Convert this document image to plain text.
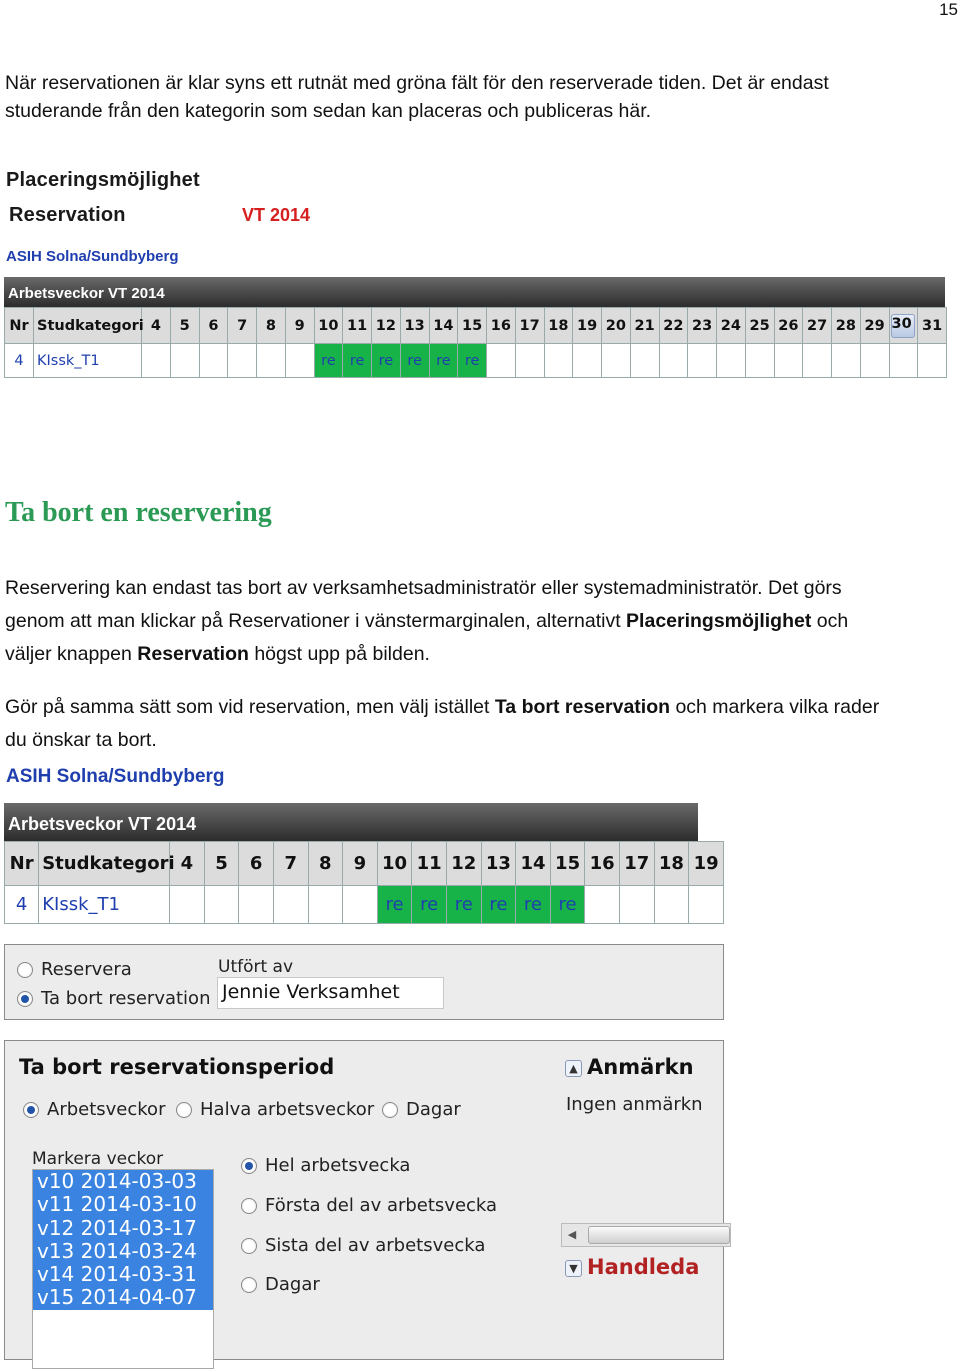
15
När reservationen är klar syns ett rutnät med gröna fält för den reserverade tiden. Det är endast
studerande från den kategorin som sedan kan placeras och publiceras här.
Placeringsmöjlighet
Reservation	VT 2014
ASIH Solna/Sundbyberg
Arbetsveckor VT 2014
Nr	Studkategori	4	5	6	7	8	9	10	11	12	13	14	15	16	17	18	19	20	21	22	23	24	25	26	27	28	29	30	31
4	KIssk_T1							re	re	re	re	re	re																
Ta bort en reservering
Reservering kan endast tas bort av verksamhetsadministratör eller systemadministratör. Det görs
genom att man klickar på Reservationer i vänstermarginalen, alternativt Placeringsmöjlighet och
väljer knappen Reservation högst upp på bilden.
Gör på samma sätt som vid reservation, men välj istället Ta bort reservation och markera vilka rader
du önskar ta bort.
ASIH Solna/Sundbyberg
Arbetsveckor VT 2014
Nr	Studkategori	4	5	6	7	8	9	10	11	12	13	14	15	16	17	18	19
4	KIssk_T1							re	re	re	re	re	re				
Reservera
Ta bort reservation
Utfört av
Jennie Verksamhet
Ta bort reservationsperiod
Arbetsveckor Halva arbetsveckor Dagar
Markera veckor
v10 2014-03-03
v11 2014-03-10
v12 2014-03-17
v13 2014-03-24
v14 2014-03-31
v15 2014-04-07
Hel arbetsvecka
Första del av arbetsvecka
Sista del av arbetsvecka
Dagar
▲ Anmärkn
Ingen anmärkn
◀
▼ Handleda
